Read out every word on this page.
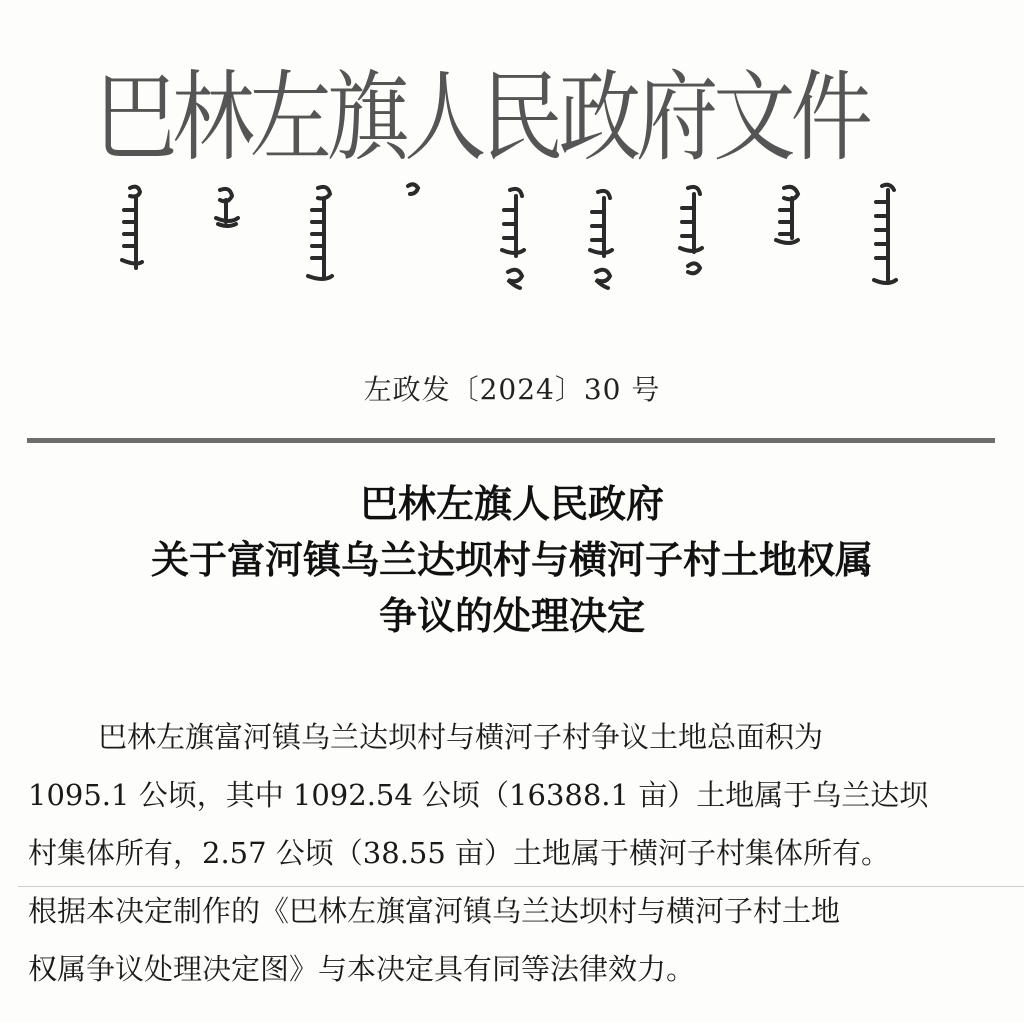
巴林左旗人民政府文件
左政发〔2024〕30 号
巴林左旗人民政府
关于富河镇乌兰达坝村与横河子村土地权属
争议的处理决定

巴林左旗富河镇乌兰达坝村与横河子村争议土地总面积为

1095.1 公顷，其中 1092.54 公顷（16388.1 亩）土地属于乌兰达坝

村集体所有，2.57 公顷（38.55 亩）土地属于横河子村集体所有。

根据本决定制作的《巴林左旗富河镇乌兰达坝村与横河子村土地

权属争议处理决定图》与本决定具有同等法律效力。
